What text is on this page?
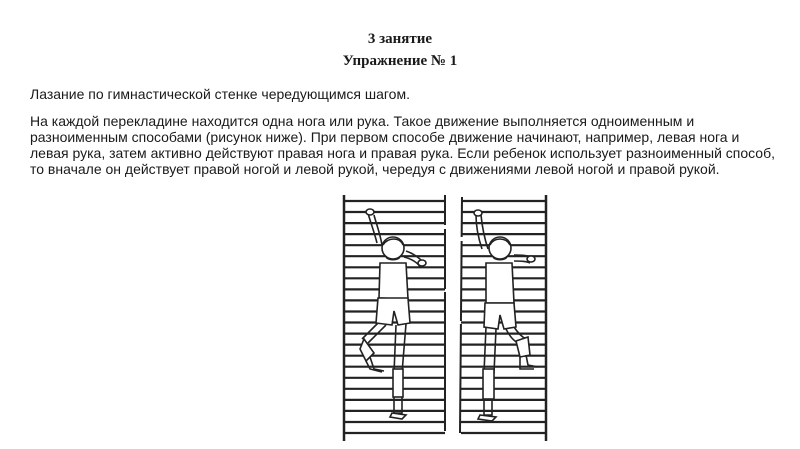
3 занятие
Упражнение № 1

Лазание по гимнастической стенке чередующимся шагом.

На каждой перекладине находится одна нога или рука. Такое движение выполняется одноименным и разноименным способами (рисунок ниже). При первом способе движение начинают, например, левая нога и левая рука, затем активно действуют правая нога и правая рука. Если ребенок использует разноименный способ, то вначале он действует правой ногой и левой рукой, чередуя с движениями левой ногой и правой рукой.
